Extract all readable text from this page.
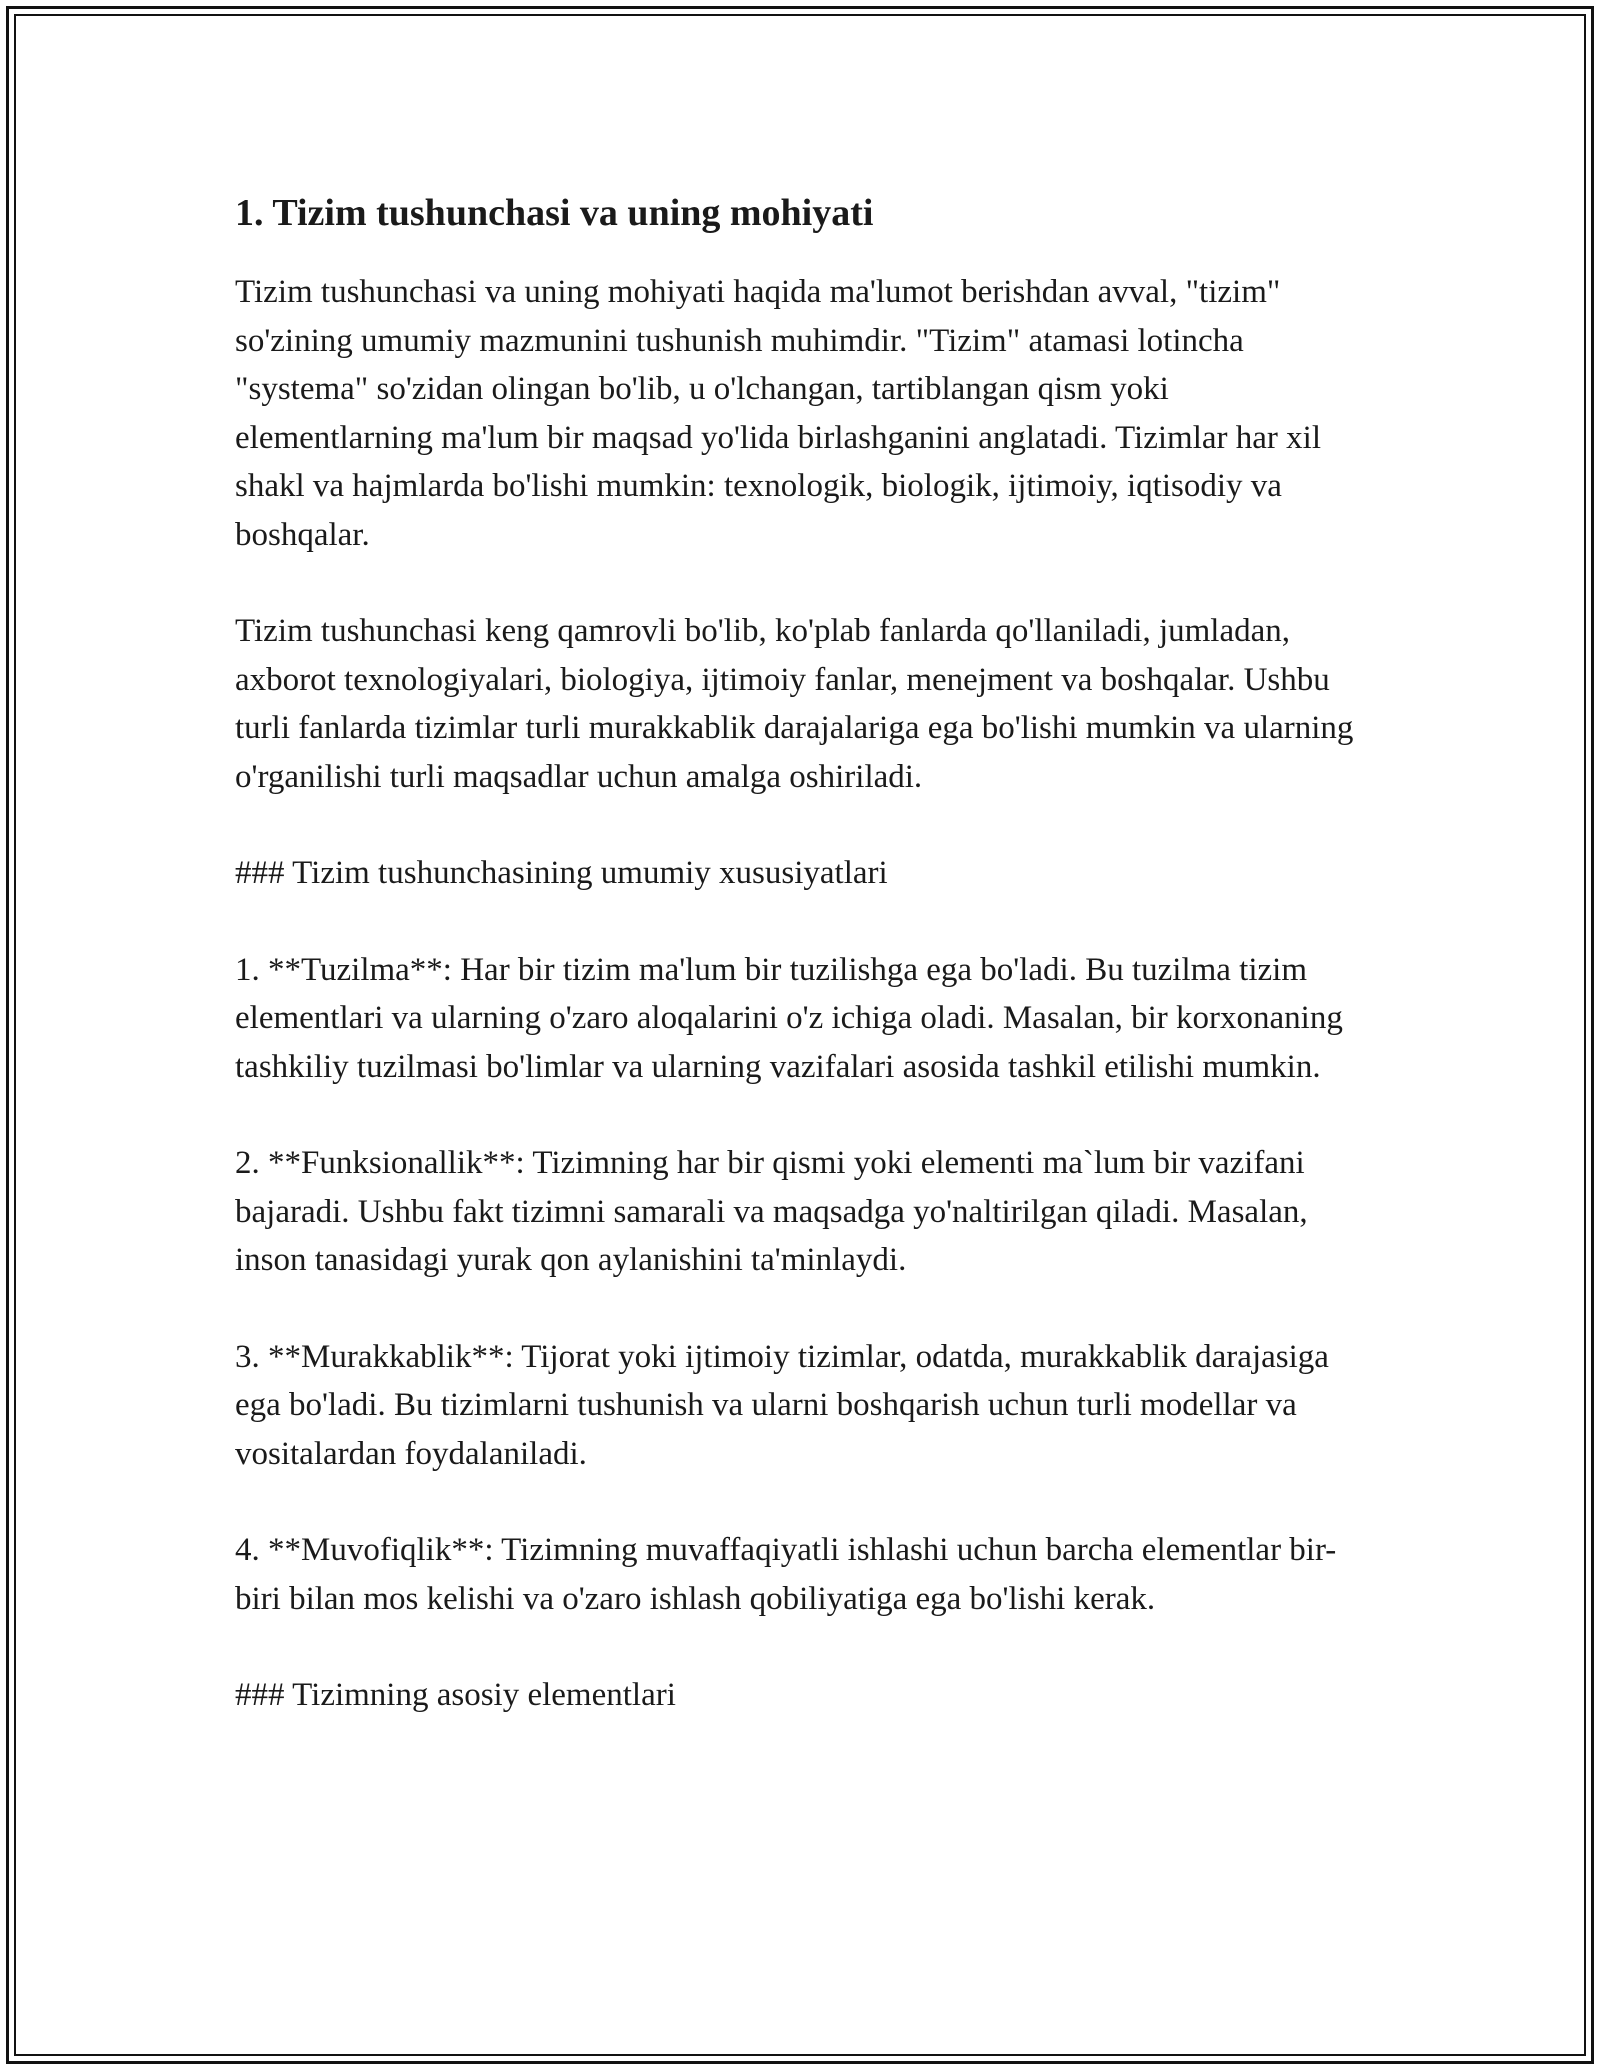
1. Tizim tushunchasi va uning mohiyati

Tizim tushunchasi va uning mohiyati haqida ma'lumot berishdan avval, "tizim" so'zining umumiy mazmunini tushunish muhimdir. "Tizim" atamasi lotincha "systema" so'zidan olingan bo'lib, u o'lchangan, tartiblangan qism yoki elementlarning ma'lum bir maqsad yo'lida birlashganini anglatadi. Tizimlar har xil shakl va hajmlarda bo'lishi mumkin: texnologik, biologik, ijtimoiy, iqtisodiy va boshqalar.

Tizim tushunchasi keng qamrovli bo'lib, ko'plab fanlarda qo'llaniladi, jumladan, axborot texnologiyalari, biologiya, ijtimoiy fanlar, menejment va boshqalar. Ushbu turli fanlarda tizimlar turli murakkablik darajalariga ega bo'lishi mumkin va ularning o'rganilishi turli maqsadlar uchun amalga oshiriladi.

### Tizim tushunchasining umumiy xususiyatlari

1. **Tuzilma**: Har bir tizim ma'lum bir tuzilishga ega bo'ladi. Bu tuzilma tizim elementlari va ularning o'zaro aloqalarini o'z ichiga oladi. Masalan, bir korxonaning tashkiliy tuzilmasi bo'limlar va ularning vazifalari asosida tashkil etilishi mumkin.

2. **Funksionallik**: Tizimning har bir qismi yoki elementi ma`lum bir vazifani bajaradi. Ushbu fakt tizimni samarali va maqsadga yo'naltirilgan qiladi. Masalan, inson tanasidagi yurak qon aylanishini ta'minlaydi.

3. **Murakkablik**: Tijorat yoki ijtimoiy tizimlar, odatda, murakkablik darajasiga ega bo'ladi. Bu tizimlarni tushunish va ularni boshqarish uchun turli modellar va vositalardan foydalaniladi.

4. **Muvofiqlik**: Tizimning muvaffaqiyatli ishlashi uchun barcha elementlar bir-biri bilan mos kelishi va o'zaro ishlash qobiliyatiga ega bo'lishi kerak.

### Tizimning asosiy elementlari
